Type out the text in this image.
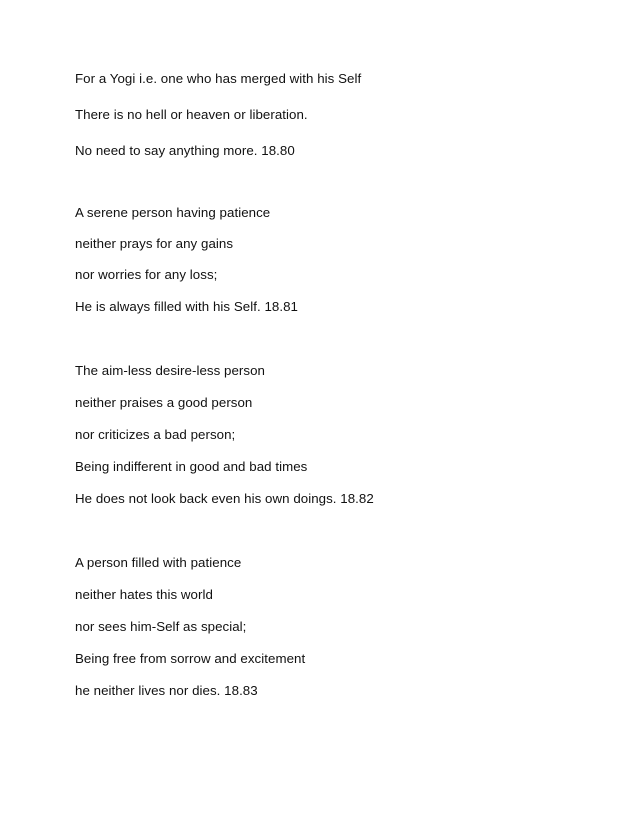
For a Yogi i.e. one who has merged with his Self
There is no hell or heaven or liberation.
No need to say anything more. 18.80
A serene person having patience
neither prays for any gains
nor worries for any loss;
He is always filled with his Self. 18.81
The aim-less desire-less person
neither praises a good person
nor criticizes a bad person;
Being indifferent in good and bad times
He does not look back even his own doings. 18.82
A person filled with patience
neither hates this world
nor sees him-Self as special;
Being free from sorrow and excitement
he neither lives nor dies. 18.83
